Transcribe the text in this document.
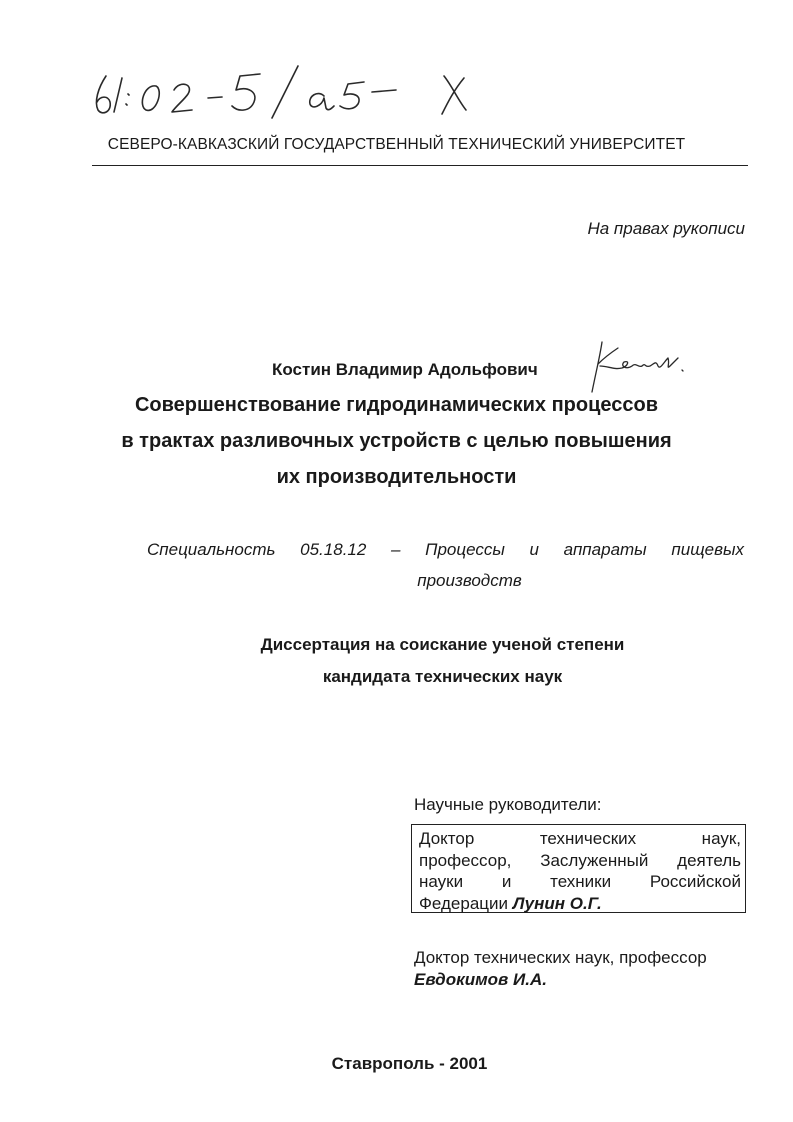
СЕВЕРО-КАВКАЗСКИЙ ГОСУДАРСТВЕННЫЙ ТЕХНИЧЕСКИЙ УНИВЕРСИТЕТ
На правах рукописи
Костин Владимир Адольфович
Совершенствование гидродинамических процессов
в трактах разливочных устройств с целью повышения
их производительности
Специальность 05.18.12 – Процессы и аппараты пищевых
производств
Диссертация на соискание ученой степени
кандидата технических наук
Научные руководители:
Доктор технических наук,
профессор, Заслуженный деятель
науки и техники Российской
Федерации Лунин О.Г.
Доктор технических наук, профессор
Евдокимов И.А.
Ставрополь - 2001
